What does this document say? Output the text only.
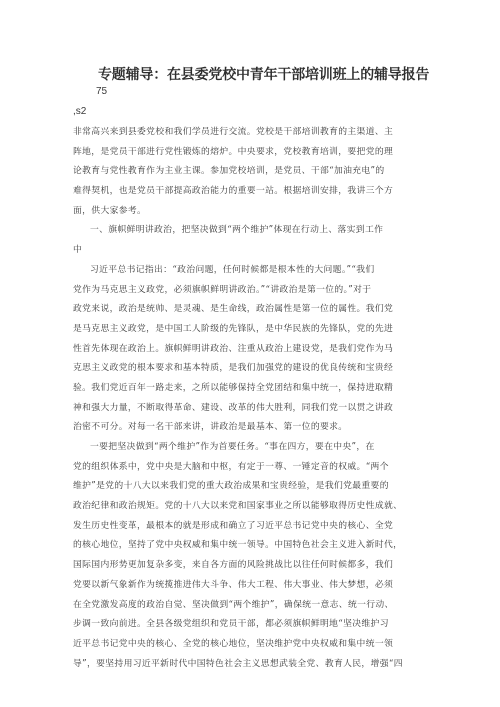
专题辅导：在县委党校中青年干部培训班上的辅导报告
75
,s2
非常高兴来到县委党校和我们学员进行交流。党校是干部培训教育的主渠道、主
阵地，是党员干部进行党性锻炼的熔炉。中央要求，党校教育培训，要把党的理
论教育与党性教育作为主业主课。参加党校培训，是党员、干部“加油充电”的
难得契机，也是党员干部提高政治能力的重要一站。根据培训安排，我讲三个方
面，供大家参考。
一、旗帜鲜明讲政治，把坚决做到“两个维护”体现在行动上、落实到工作
中
习近平总书记指出：“政治问题，任何时候都是根本性的大问题。”“我们
党作为马克思主义政党，必须旗帜鲜明讲政治。”“讲政治是第一位的。”对于
政党来说，政治是统帅、是灵魂、是生命线，政治属性是第一位的属性。我们党
是马克思主义政党，是中国工人阶级的先锋队，是中华民族的先锋队，党的先进
性首先体现在政治上。旗帜鲜明讲政治、注重从政治上建设党，是我们党作为马
克思主义政党的根本要求和基本特质，是我们加强党的建设的优良传统和宝贵经
验。我们党近百年一路走来，之所以能够保持全党团结和集中统一，保持进取精
神和强大力量，不断取得革命、建设、改革的伟大胜利，同我们党一以贯之讲政
治密不可分。对每一名干部来讲，讲政治是最基本、第一位的要求。
一要把坚决做到“两个维护”作为首要任务。“事在四方，要在中央”，在
党的组织体系中，党中央是大脑和中枢，有定于一尊、一锤定音的权威。“两个
维护”是党的十八大以来我们党的重大政治成果和宝贵经验，是我们党最重要的
政治纪律和政治规矩。党的十八大以来党和国家事业之所以能够取得历史性成就、
发生历史性变革，最根本的就是形成和确立了习近平总书记党中央的核心、全党
的核心地位，坚持了党中央权威和集中统一领导。中国特色社会主义进入新时代，
国际国内形势更加复杂多变，来自各方面的风险挑战比以往任何时候都多，我们
党要以新气象新作为统揽推进伟大斗争、伟大工程、伟大事业、伟大梦想，必须
在全党激发高度的政治自觉、坚决做到“两个维护”，确保统一意志、统一行动、
步调一致向前进。全县各级党组织和党员干部，都必须旗帜鲜明地“坚决维护习
近平总书记党中央的核心、全党的核心地位，坚决维护党中央权威和集中统一领
导”，要坚持用习近平新时代中国特色社会主义思想武装全党、教育人民，增强“四
